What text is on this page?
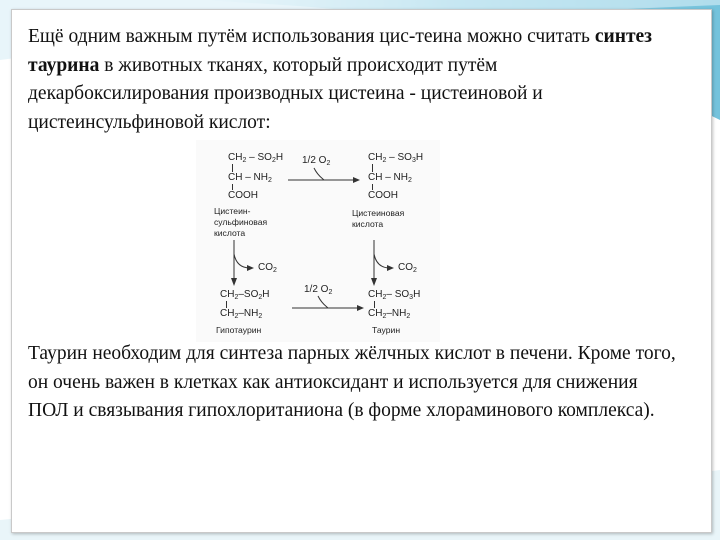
Ещё одним важным путём использования цис-теина можно считать синтез таурина в животных тканях, который происходит путём декарбоксилирования производных цистеина - цистеиновой и цистеинсульфиновой кислот:

$CH_2 - SO_2H$
CH – $NH_2$
COOH
Цистеин-
сульфиновая
кислота
1/2 $O_2$
$CH_2 - SO_3H$
CH – $NH_2$
COOH
Цистеиновая
кислота
$CO_2$	$CO_2$
$CH_2-SO_2H$
$CH_2-NH_2$
Гипотаурин
1/2 $O_2$	$CH_2-$ $SO_3H$
$CH_2-NH_2$
Таурин

Таурин необходим для синтеза парных жёлчных кислот в печени. Кроме того, он очень важен в клетках как антиоксидант и используется для снижения ПОЛ и связывания гипохлоританиона (в форме хлораминового комплекса).
